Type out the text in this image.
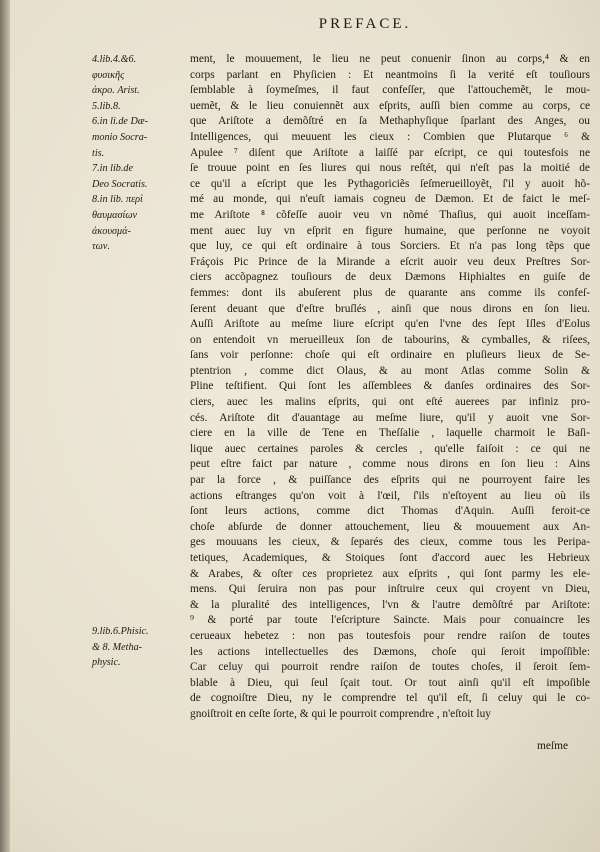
PREFACE.
4.lib.4.&6.
φυσικῆς
ἀκρο. Arist.
5.lib.8.
6.in li.de Dæ-
monio Socra-
tis.
7.in lib.de
Deo Socratis.
8.in lib. περὶ
θαυμασίων
ἀκουσμά-
των.
9.lib.6.Phisic.
& 8. Metha-
physic.
ment, le mouuement, le lieu ne peut conuenir ſinon au corps,⁴ & en
corps parlant en Phyſicien : Et neantmoins ſi la verité eſt touſiours
ſemblable à ſoymeſmes, il faut confeſſer, que l'attouchemẽt, le mou-
uemẽt, & le lieu conuiennẽt aux eſprits, auſſi bien comme au corps, ce
que Ariſtote a demõſtré en ſa Methaphyſique ſparlant des Anges, ou
Intelligences, qui meuuent les cieux : Combien que Plutarque ⁶ &
Apulee ⁷ diſent que Ariſtote a laiſſé par eſcript, ce qui toutesfois ne
ſe trouue point en ſes liures qui nous reſtét, qui n'eſt pas la moitié de
ce qu'il a eſcript que les Pythagoriciẽs ſeſmerueilloyẽt, ſ'il y auoit hõ-
mé au monde, qui n'euſt iamais cogneu de Dæmon. Et de faict le meſ-
me Ariſtote ⁸ cõfeſſe auoir veu vn nõmé Thaſius, qui auoit inceſſam-
ment auec luy vn eſprit en figure humaine, que perſonne ne voyoit
que luy, ce qui eſt ordinaire à tous Sorciers. Et n'a pas long tẽps que
Fráçois Pic Prince de la Mirande a eſcrit auoir veu deux Preſtres Sor-
ciers accõpagnez touſiours de deux Dæmons Hiphialtes en guiſe de
femmes: dont ils abuſerent plus de quarante ans comme ils confeſ-
ſerent deuant que d'eſtre bruſlés , ainſi que nous dirons en ſon lieu.
Auſſi Ariſtote au meſme liure eſcript qu'en l'vne des ſept Iſles d'Eolus
on entendoit vn merueilleux ſon de tabourins, & cymballes, & riſees,
ſans voir perſonne: choſe qui eſt ordinaire en pluſieurs lieux de Se-
ptentrion , comme dict Olaus, & au mont Atlas comme Solin &
Pline teſtifient. Qui ſont les aſſemblees & danſes ordinaires des Sor-
ciers, auec les malins eſprits, qui ont eſté auerees par infiniz pro-
cés. Ariſtote dit d'auantage au meſme liure, qu'il y auoit vne Sor-
ciere en la ville de Tene en Theſſalie , laquelle charmoit le Baſi-
lique auec certaines paroles & cercles , qu'elle faiſoit : ce qui ne
peut eſtre faict par nature , comme nous dirons en ſon lieu : Ains
par la force , & puiſſance des eſprits qui ne pourroyent faire les
actions eſtranges qu'on voit à l'œil, ſ'ils n'eſtoyent au lieu où ils
ſont leurs actions, comme dict Thomas d'Aquin. Auſſi feroit-ce
choſe abſurde de donner attouchement, lieu & mouuement aux An-
ges mouuans les cieux, & ſeparés des cieux, comme tous les Peripa-
tetiques, Academiques, & Stoiques ſont d'accord auec les Hebrieux
& Arabes, & oſter ces proprietez aux eſprits , qui ſont parmy les ele-
mens. Qui ſeruira non pas pour inſtruire ceux qui croyent vn Dieu,
& la pluralité des intelligences, l'vn & l'autre demõſtré par Ariſtote:
⁹ & porté par toute l'eſcripture Saincte. Mais pour conuaincre les
cerueaux hebetez : non pas toutesfois pour rendre raiſon de toutes
les actions intellectuelles des Dæmons, choſe qui ſeroit impoſſible:
Car celuy qui pourroit rendre raiſon de toutes choſes, il ſeroit ſem-
blable à Dieu, qui ſeul ſçait tout. Or tout ainſi qu'il eſt impoſible
de cognoiſtre Dieu, ny le comprendre tel qu'il eſt, ſi celuy qui le co-
gnoiſtroit en ceſte ſorte, & qui le pourroit comprendre , n'eſtoit luy
meſme
